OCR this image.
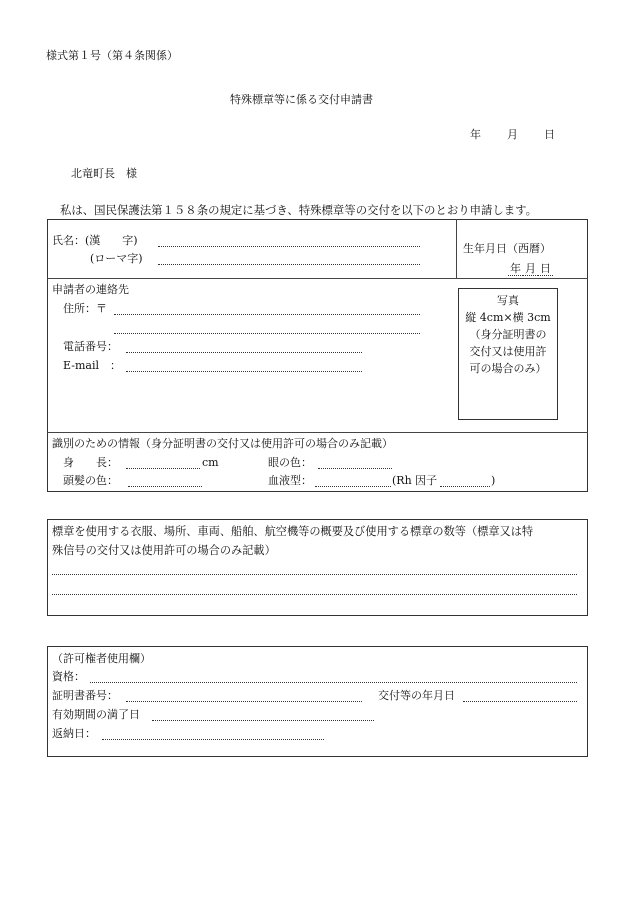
様式第１号（第４条関係）
特殊標章等に係る交付申請書
年 月 日
北竜町長　様
私は、国民保護法第１５８条の規定に基づき、特殊標章等の交付を以下のとおり申請します。
氏名：(漢　　字)
(ローマ字)
生年月日（西暦）
年 月 日
申請者の連絡先
住所：〒
電話番号：
E-mail　：
写真
縦 4cm×横 3cm
（身分証明書の
交付又は使用許
可の場合のみ）
識別のための情報（身分証明書の交付又は使用許可の場合のみ記載）
身　　長：	cm	眼の色：
頭髪の色：	血液型：	(Rh 因子	)
標章を使用する衣服、場所、車両、船舶、航空機等の概要及び使用する標章の数等（標章又は特
殊信号の交付又は使用許可の場合のみ記載）
（許可権者使用欄）
資格：
証明書番号：	交付等の年月日
有効期間の満了日
返納日：
